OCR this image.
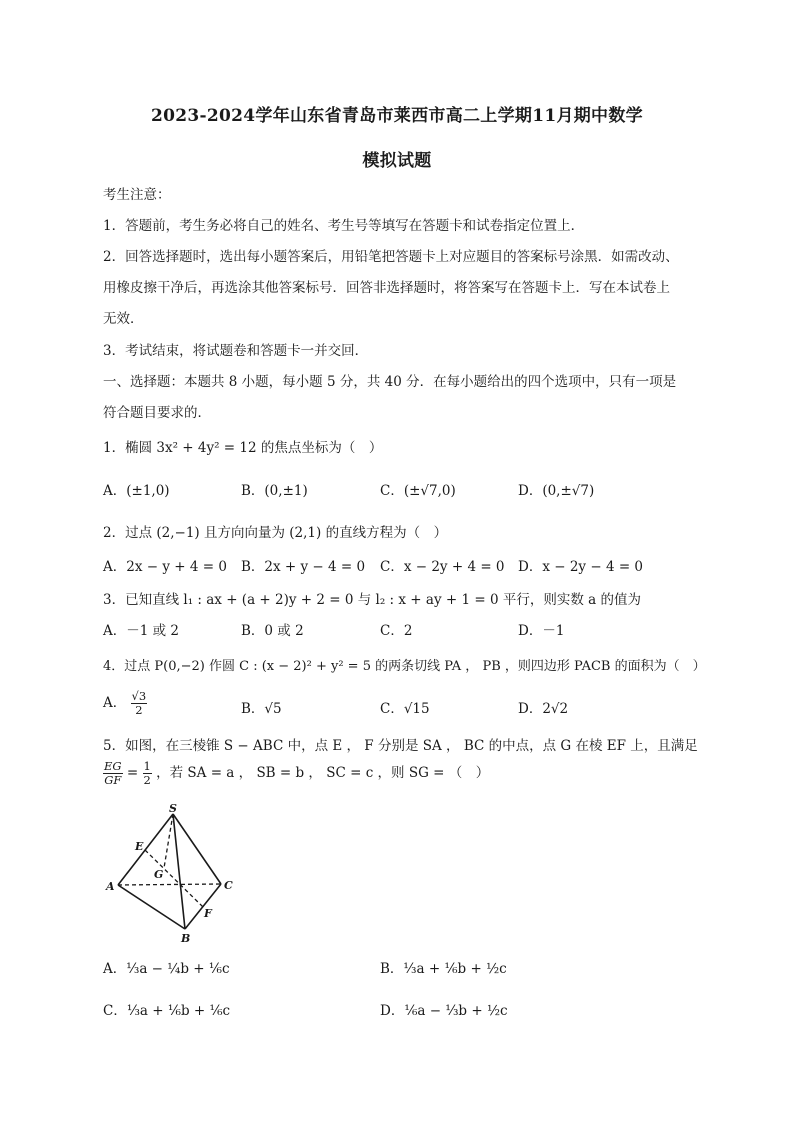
2023-2024学年山东省青岛市莱西市高二上学期11月期中数学
模拟试题
考生注意：
1．答题前，考生务必将自己的姓名、考生号等填写在答题卡和试卷指定位置上．
2．回答选择题时，选出每小题答案后，用铅笔把答题卡上对应题目的答案标号涂黑．如需改动、
用橡皮擦干净后，再选涂其他答案标号．回答非选择题时，将答案写在答题卡上．写在本试卷上
无效．
3．考试结束，将试题卷和答题卡一并交回．
一、选择题：本题共 8 小题，每小题 5 分，共 40 分．在每小题给出的四个选项中，只有一项是
符合题目要求的．
1．椭圆 3x² + 4y² = 12 的焦点坐标为（　）
A．(±1,0)	B．(0,±1)	C．(±√7,0)	D．(0,±√7)
2．过点 (2,−1) 且方向向量为 (2,1) 的直线方程为（　）
A．2x − y + 4 = 0 B．2x + y − 4 = 0 C．x − 2y + 4 = 0 D．x − 2y − 4 = 0
3．已知直线 l₁ : ax + (a + 2)y + 2 = 0 与 l₂ : x + ay + 1 = 0 平行，则实数 a 的值为
A．－1 或 2	B．0 或 2	C．2	D．－1
4．过点 P(0,−2) 作圆 C : (x − 2)² + y² = 5 的两条切线 PA ， PB ，则四边形 PACB 的面积为（　）
A． $\frac{√3}{2}$	B．√5	C．√15	D．2√2
5．如图，在三棱锥 S − ABC 中，点 E ， F 分别是 SA ， BC 的中点，点 G 在棱 EF 上，且满足
$\frac{EG}{GF} = \frac{1}{2}$ ，若 SA = a ， SB = b ， SC = c ，则 SG = （　）
S
E
G
A	C
F
B
A．⅓a − ¼b + ⅙c	B．⅓a + ⅙b + ½c
C．⅓a + ⅙b + ⅙c	D．⅙a − ⅓b + ½c
